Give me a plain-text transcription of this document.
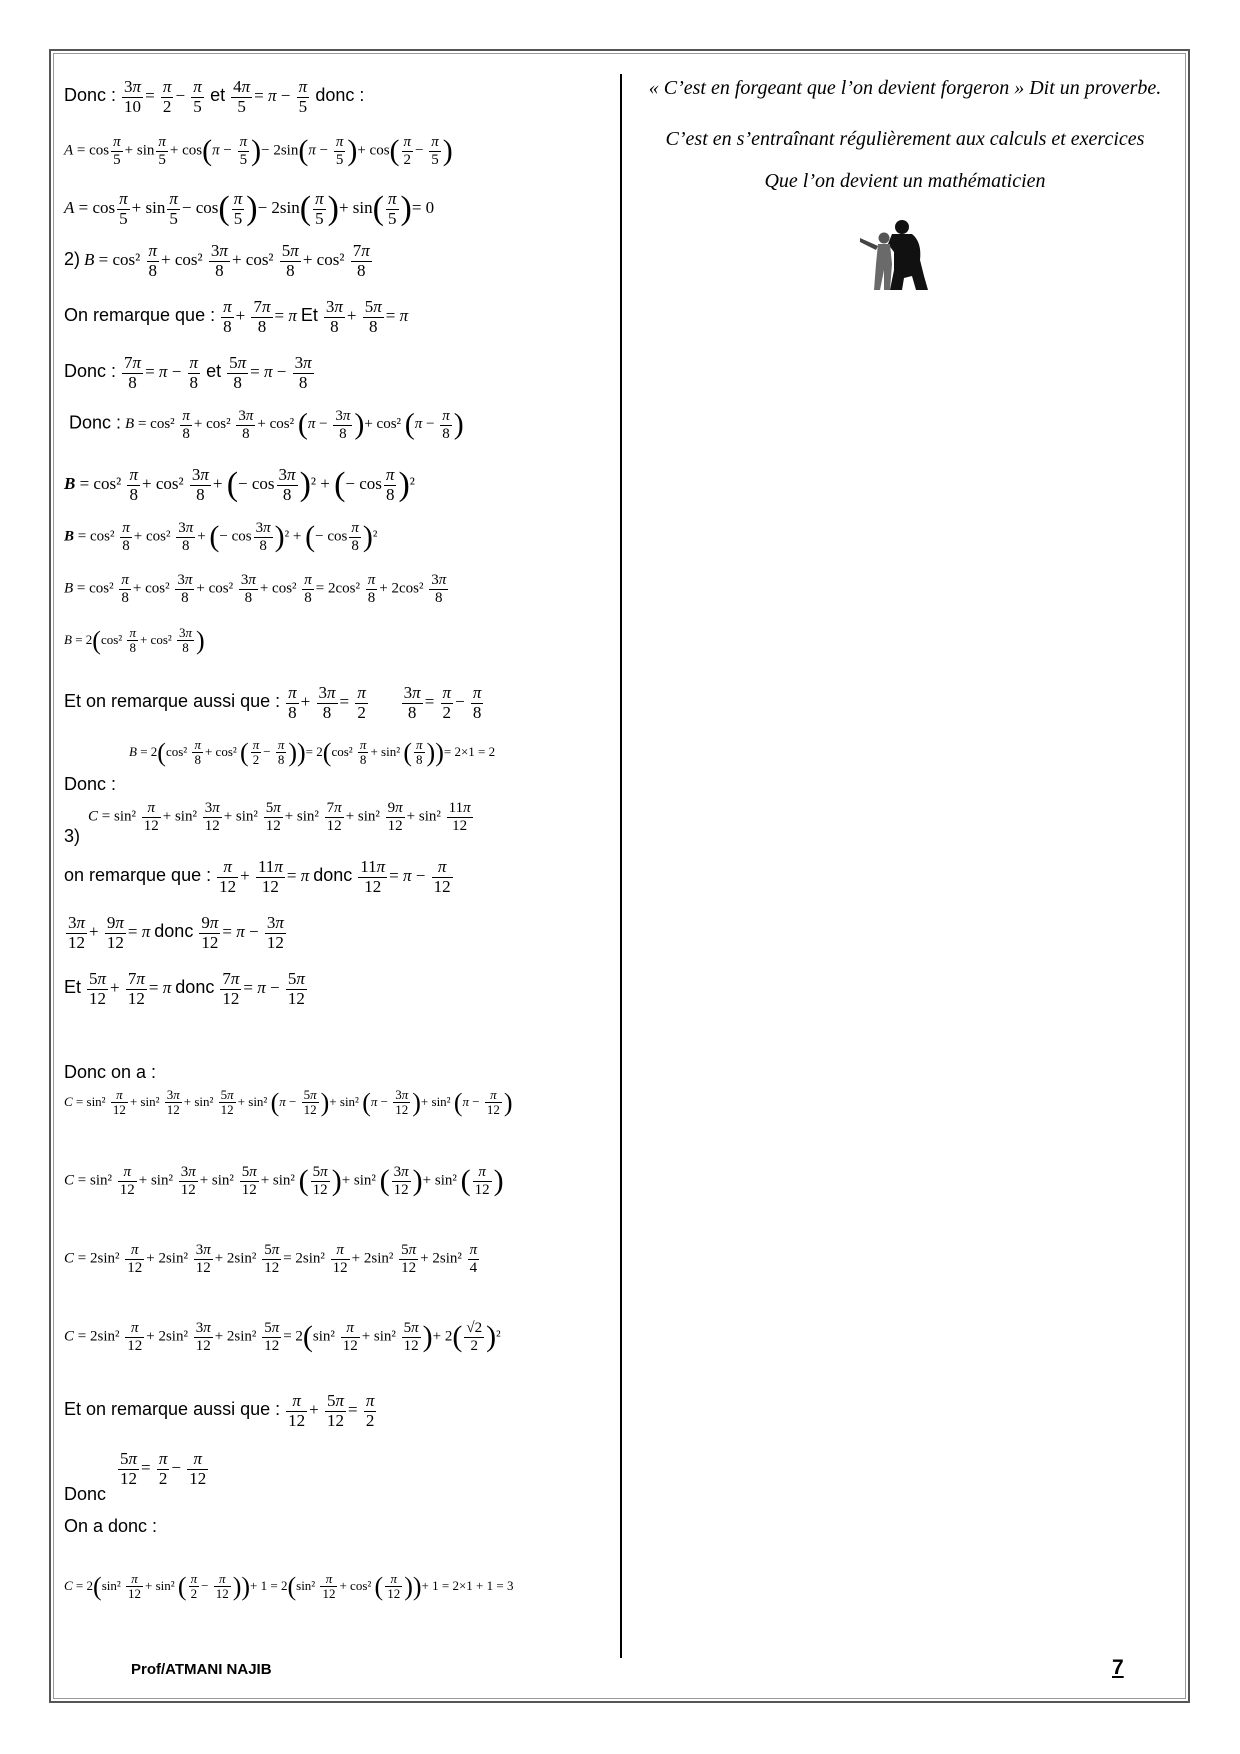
« C’est en forgeant que l’on devient forgeron » Dit un proverbe.
C’est en s’entraînant régulièrement aux calculs et exercices
Que l’on devient un mathématicien
Donc : $\frac{3\pi}{10} = \frac{\pi}{2} - \frac{\pi}{5}$ et $\frac{4\pi}{5} = \pi - \frac{\pi}{5}$ donc :
$A = \cos \frac{\pi}{5} + \sin \frac{\pi}{5} + \cos(\pi - \frac{\pi}{5}$ )− $2\sin(\pi - \frac{\pi}{5}$ )+ $\cos( \frac{\pi}{2} - \frac{\pi}{5}$ )
$A = \cos \frac{\pi}{5} + \sin \frac{\pi}{5} - \cos( \frac{\pi}{5}$ )− $2\sin( \frac{\pi}{5}$ )+ $\sin( \frac{\pi}{5}$ )= 0
2) $B = \cos^2 \frac{\pi}{8} + \cos^2 \frac{3\pi}{8} + \cos^2 \frac{5\pi}{8} + \cos^2 \frac{7\pi}{8}$
On remarque que : $\frac{\pi}{8} + \frac{7\pi}{8} = \pi$ Et $\frac{3\pi}{8} + \frac{5\pi}{8} = \pi$
Donc : $\frac{7\pi}{8} = \pi - \frac{\pi}{8}$ et $\frac{5\pi}{8} = \pi - \frac{3\pi}{8}$
Donc : $B = \cos^2 \frac{\pi}{8} + \cos^2 \frac{3\pi}{8} + \cos^2$ ($\pi - \frac{3\pi}{8}$ )+ cos² ($\pi - \frac{\pi}{8}$ )
$B = \cos^2 \frac{\pi}{8} + \cos^2 \frac{3\pi}{8}$ + (− $\cos \frac{3\pi}{8} )^2$ + (− $\cos \frac{\pi}{8} )^2$
$B = \cos^2 \frac{\pi}{8} + \cos^2 \frac{3\pi}{8}$ + (− $\cos \frac{3\pi}{8} )^2$ + (− $\cos \frac{\pi}{8} )^2$
$B = \cos^2 \frac{\pi}{8} + \cos^2 \frac{3\pi}{8} + \cos^2 \frac{3\pi}{8} + \cos^2 \frac{\pi}{8} = 2\cos^2 \frac{\pi}{8} + 2\cos^2 \frac{3\pi}{8}$
$B = 2(\cos^2 \frac{\pi}{8} + \cos^2 \frac{3\pi}{8}$ )
Et on remarque aussi que : $\frac{\pi}{8} + \frac{3\pi}{8} = \frac{\pi}{2}$
$\frac{3\pi}{8} = \frac{\pi}{2} - \frac{\pi}{8}$
$B = 2(\cos^2 \frac{\pi}{8} + \cos^2$ ( $\frac{\pi}{2} - \frac{\pi}{8}$ ))= $2(\cos^2 \frac{\pi}{8} + \sin^2$ ( $\frac{\pi}{8}$ ))= 2×1 = 2
Donc :
$C = \sin^2 \frac{\pi}{12} + \sin^2 \frac{3\pi}{12} + \sin^2 \frac{5\pi}{12} + \sin^2 \frac{7\pi}{12} + \sin^2 \frac{9\pi}{12} + \sin^2 \frac{11\pi}{12}$
3)
on remarque que : $\frac{\pi}{12} + \frac{11\pi}{12} = \pi$ donc $\frac{11\pi}{12} = \pi - \frac{\pi}{12}$
$\frac{3\pi}{12} + \frac{9\pi}{12} = \pi$ donc $\frac{9\pi}{12} = \pi - \frac{3\pi}{12}$
Et $\frac{5\pi}{12} + \frac{7\pi}{12} = \pi$ donc $\frac{7\pi}{12} = \pi - \frac{5\pi}{12}$
Donc on a :
$C = \sin^2 \frac{\pi}{12} + \sin^2 \frac{3\pi}{12} + \sin^2 \frac{5\pi}{12} + \sin^2$ ($\pi - \frac{5\pi}{12}$ )+ sin² ($\pi - \frac{3\pi}{12}$ )+ sin² ($\pi - \frac{\pi}{12}$ )
$C = \sin^2 \frac{\pi}{12} + \sin^2 \frac{3\pi}{12} + \sin^2 \frac{5\pi}{12} + \sin^2$ ( $\frac{5\pi}{12}$ )+ sin² ( $\frac{3\pi}{12}$ )+ sin² ( $\frac{\pi}{12}$ )
$C = 2\sin^2 \frac{\pi}{12} + 2\sin^2 \frac{3\pi}{12} + 2\sin^2 \frac{5\pi}{12} = 2\sin^2 \frac{\pi}{12} + 2\sin^2 \frac{5\pi}{12} + 2\sin^2 \frac{\pi}{4}$
$C = 2\sin^2 \frac{\pi}{12} + 2\sin^2 \frac{3\pi}{12} + 2\sin^2 \frac{5\pi}{12} = 2(\sin^2 \frac{\pi}{12} + \sin^2 \frac{5\pi}{12}$ )+ $2( \frac{√2}{2} )^2$
Et on remarque aussi que : $\frac{\pi}{12} + \frac{5\pi}{12} = \frac{\pi}{2}$
$\frac{5\pi}{12} = \frac{\pi}{2} - \frac{\pi}{12}$
Donc
On a donc :
$C = 2(\sin^2 \frac{\pi}{12} + \sin^2$ ( $\frac{\pi}{2} - \frac{\pi}{12}$ ))+ $1 = 2(\sin^2 \frac{\pi}{12} + \cos^2$ ( $\frac{\pi}{12}$ ))+ 1 = 2×1 + 1 = 3
Prof/ATMANI NAJIB	7
